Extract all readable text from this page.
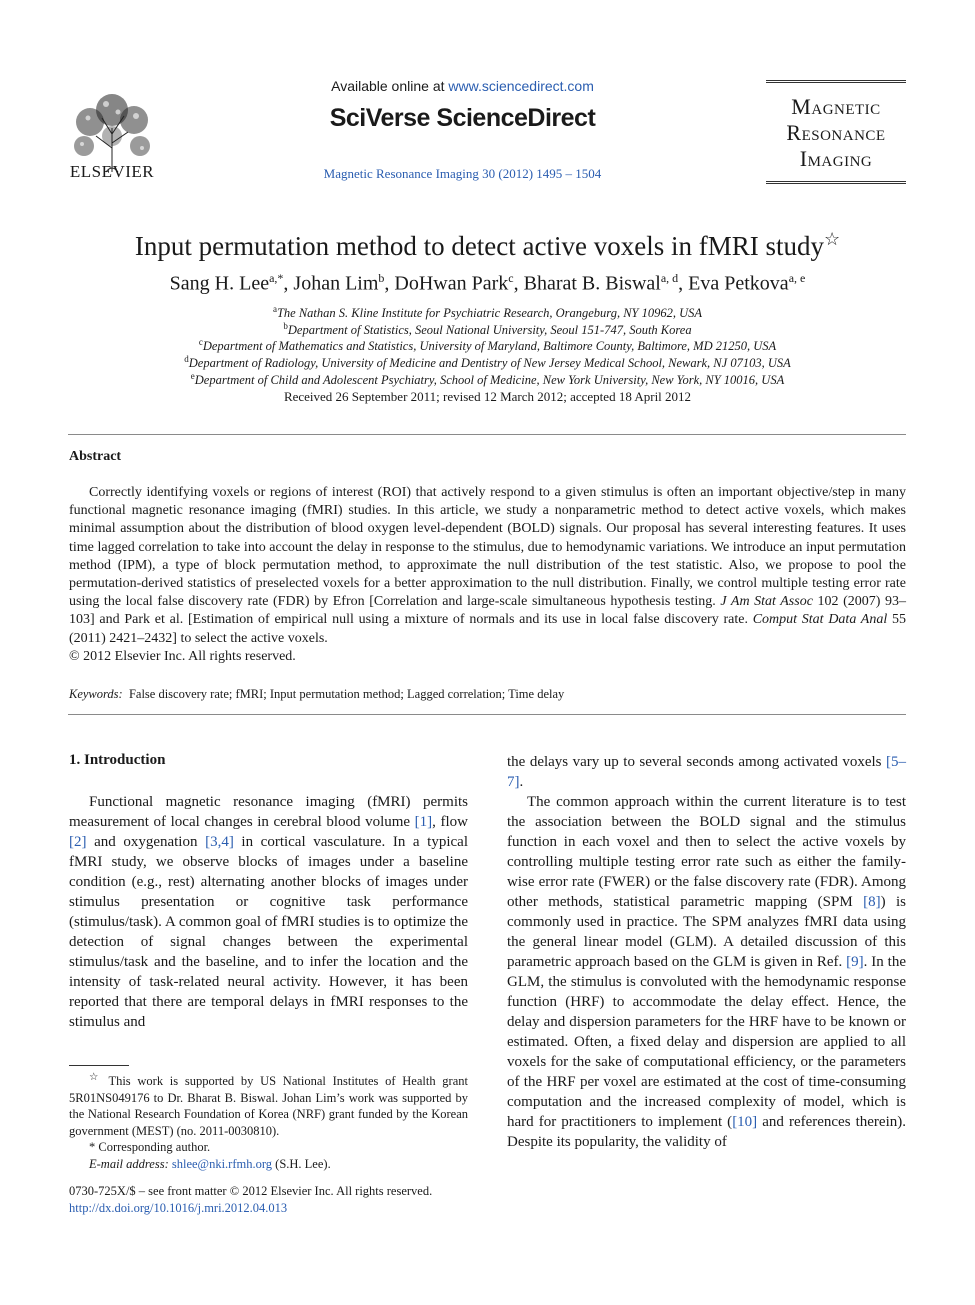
ELSEVIER
Available online at www.sciencedirect.com
SciVerse ScienceDirect
Magnetic Resonance Imaging 30 (2012) 1495 – 1504
Magnetic
Resonance
Imaging
Input permutation method to detect active voxels in fMRI study☆
Sang H. Lee$^{a,*}$, Johan Lim$^b$, DoHwan Park$^c$, Bharat B. Biswal$^{a, d}$, Eva Petkova$^{a, e}$
$^a$The Nathan S. Kline Institute for Psychiatric Research, Orangeburg, NY 10962, USA
$^b$Department of Statistics, Seoul National University, Seoul 151-747, South Korea
$^c$Department of Mathematics and Statistics, University of Maryland, Baltimore County, Baltimore, MD 21250, USA
$^d$Department of Radiology, University of Medicine and Dentistry of New Jersey Medical School, Newark, NJ 07103, USA
$^e$Department of Child and Adolescent Psychiatry, School of Medicine, New York University, New York, NY 10016, USA
Received 26 September 2011; revised 12 March 2012; accepted 18 April 2012
Abstract
Correctly identifying voxels or regions of interest (ROI) that actively respond to a given stimulus is often an important objective/step in many functional magnetic resonance imaging (fMRI) studies. In this article, we study a nonparametric method to detect active voxels, which makes minimal assumption about the distribution of blood oxygen level-dependent (BOLD) signals. Our proposal has several interesting features. It uses time lagged correlation to take into account the delay in response to the stimulus, due to hemodynamic variations. We introduce an input permutation method (IPM), a type of block permutation method, to approximate the null distribution of the test statistic. Also, we propose to pool the permutation-derived statistics of preselected voxels for a better approximation to the null distribution. Finally, we control multiple testing error rate using the local false discovery rate (FDR) by Efron [Correlation and large-scale simultaneous hypothesis testing. J Am Stat Assoc 102 (2007) 93–103] and Park et al. [Estimation of empirical null using a mixture of normals and its use in local false discovery rate. Comput Stat Data Anal 55 (2011) 2421–2432] to select the active voxels.
© 2012 Elsevier Inc. All rights reserved.
Keywords: False discovery rate; fMRI; Input permutation method; Lagged correlation; Time delay
1. Introduction
Functional magnetic resonance imaging (fMRI) permits measurement of local changes in cerebral blood volume [1], flow [2] and oxygenation [3,4] in cortical vasculature. In a typical fMRI study, we observe blocks of images under a baseline condition (e.g., rest) alternating another blocks of images under stimulus presentation or cognitive task performance (stimulus/task). A common goal of fMRI studies is to optimize the detection of signal changes between the experimental stimulus/task and the baseline, and to infer the location and the intensity of task-related neural activity. However, it has been reported that there are temporal delays in fMRI responses to the stimulus and

the delays vary up to several seconds among activated voxels [5–7].

The common approach within the current literature is to test the association between the BOLD signal and the stimulus function in each voxel and then to select the active voxels by controlling multiple testing error rate such as either the family-wise error rate (FWER) or the false discovery rate (FDR). Among other methods, statistical parametric mapping (SPM [8]) is commonly used in practice. The SPM analyzes fMRI data using the general linear model (GLM). A detailed discussion of this parametric approach based on the GLM is given in Ref. [9]. In the GLM, the stimulus is convoluted with the hemodynamic response function (HRF) to accommodate the delay effect. Hence, the delay and dispersion parameters for the HRF have to be known or estimated. Often, a fixed delay and dispersion are applied to all voxels for the sake of computational efficiency, or the parameters of the HRF per voxel are estimated at the cost of time-consuming computation and the increased complexity of model, which is hard for practitioners to implement ([10] and references therein). Despite its popularity, the validity of

☆ This work is supported by US National Institutes of Health grant 5R01NS049176 to Dr. Bharat B. Biswal. Johan Lim’s work was supported by the National Research Foundation of Korea (NRF) grant funded by the Korean government (MEST) (no. 2011-0030810).

* Corresponding author.

E-mail address: shlee@nki.rfmh.org (S.H. Lee).

0730-725X/$ – see front matter © 2012 Elsevier Inc. All rights reserved.
http://dx.doi.org/10.1016/j.mri.2012.04.013
